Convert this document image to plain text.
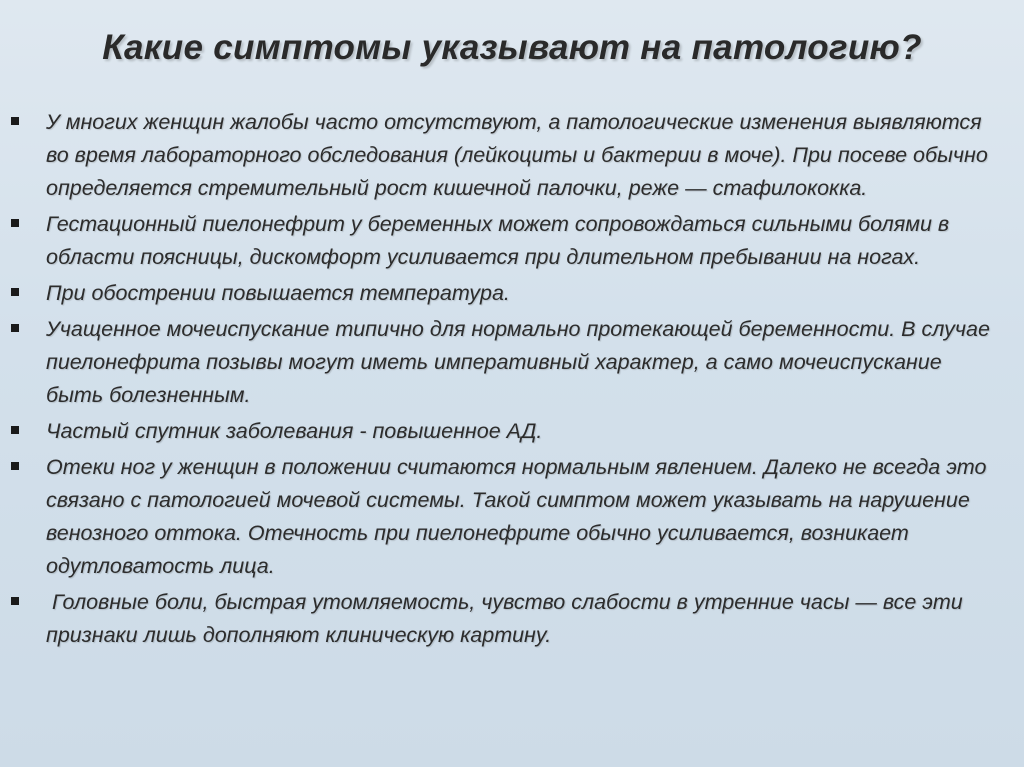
Какие симптомы указывают на патологию?
У многих женщин жалобы часто отсутствуют, а патологические изменения выявляются во время лабораторного обследования (лейкоциты и бактерии в моче). При посеве обычно определяется стремительный рост кишечной палочки, реже — стафилококка.
Гестационный пиелонефрит у беременных может сопровождаться сильными болями в области поясницы, дискомфорт усиливается при длительном пребывании на ногах.
При обострении повышается температура.
Учащенное мочеиспускание типично для нормально протекающей беременности. В случае пиелонефрита позывы могут иметь императивный характер, а само мочеиспускание быть болезненным.
Частый спутник заболевания - повышенное АД.
Отеки ног у женщин в положении считаются нормальным явлением. Далеко не всегда это связано с патологией мочевой системы. Такой симптом может указывать на нарушение венозного оттока. Отечность при пиелонефрите обычно усиливается, возникает одутловатость лица.
Головные боли, быстрая утомляемость, чувство слабости в утренние часы — все эти признаки лишь дополняют клиническую картину.
